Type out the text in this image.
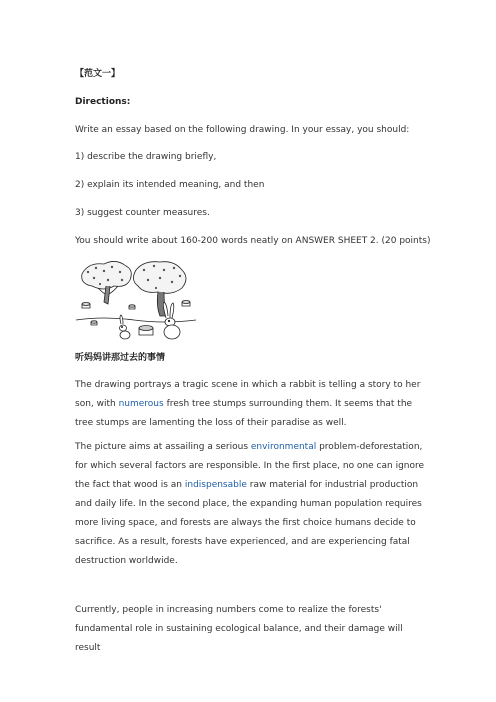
【范文一】
Directions:
Write an essay based on the following drawing. In your essay, you should:
1) describe the drawing briefly,
2) explain its intended meaning, and then
3) suggest counter measures.
You should write about 160-200 words neatly on ANSWER SHEET 2. (20 points)
听妈妈讲那过去的事情
The drawing portrays a tragic scene in which a rabbit is telling a story to her son, with numerous fresh tree stumps surrounding them. It seems that the tree stumps are lamenting the loss of their paradise as well.
The picture aims at assailing a serious environmental problem-deforestation, for which several factors are responsible. In the first place, no one can ignore the fact that wood is an indispensable raw material for industrial production and daily life. In the second place, the expanding human population requires more living space, and forests are always the first choice humans decide to sacrifice. As a result, forests have experienced, and are experiencing fatal destruction worldwide.
Currently, people in increasing numbers come to realize the forests' fundamental role in sustaining ecological balance, and their damage will result
